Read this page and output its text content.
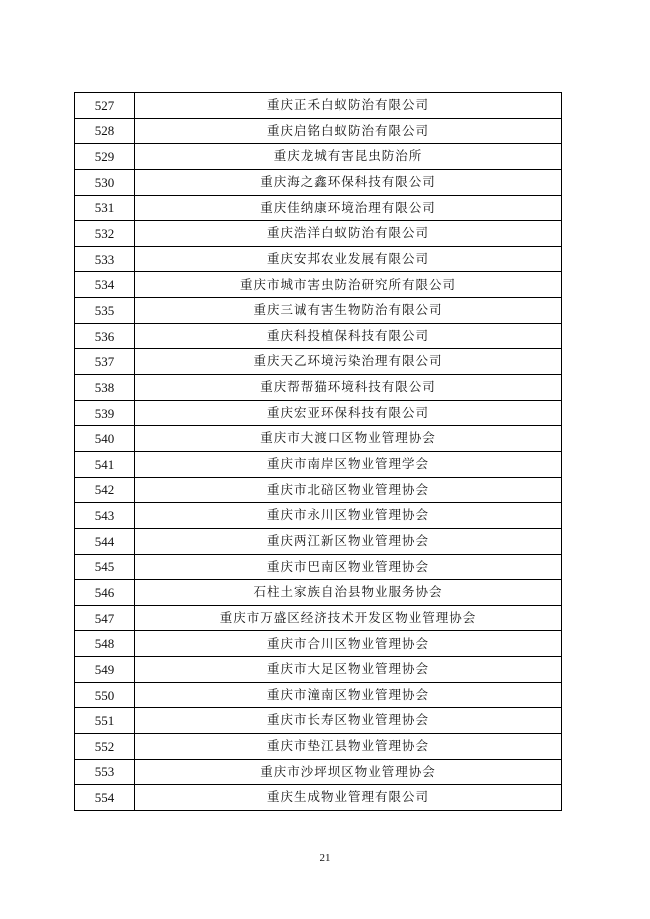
527	重庆正禾白蚁防治有限公司
528	重庆启铭白蚁防治有限公司
529	重庆龙城有害昆虫防治所
530	重庆海之鑫环保科技有限公司
531	重庆佳纳康环境治理有限公司
532	重庆浩洋白蚁防治有限公司
533	重庆安邦农业发展有限公司
534	重庆市城市害虫防治研究所有限公司
535	重庆三诚有害生物防治有限公司
536	重庆科投植保科技有限公司
537	重庆天乙环境污染治理有限公司
538	重庆帮帮猫环境科技有限公司
539	重庆宏亚环保科技有限公司
540	重庆市大渡口区物业管理协会
541	重庆市南岸区物业管理学会
542	重庆市北碚区物业管理协会
543	重庆市永川区物业管理协会
544	重庆两江新区物业管理协会
545	重庆市巴南区物业管理协会
546	石柱土家族自治县物业服务协会
547	重庆市万盛区经济技术开发区物业管理协会
548	重庆市合川区物业管理协会
549	重庆市大足区物业管理协会
550	重庆市潼南区物业管理协会
551	重庆市长寿区物业管理协会
552	重庆市垫江县物业管理协会
553	重庆市沙坪坝区物业管理协会
554	重庆生成物业管理有限公司
21
